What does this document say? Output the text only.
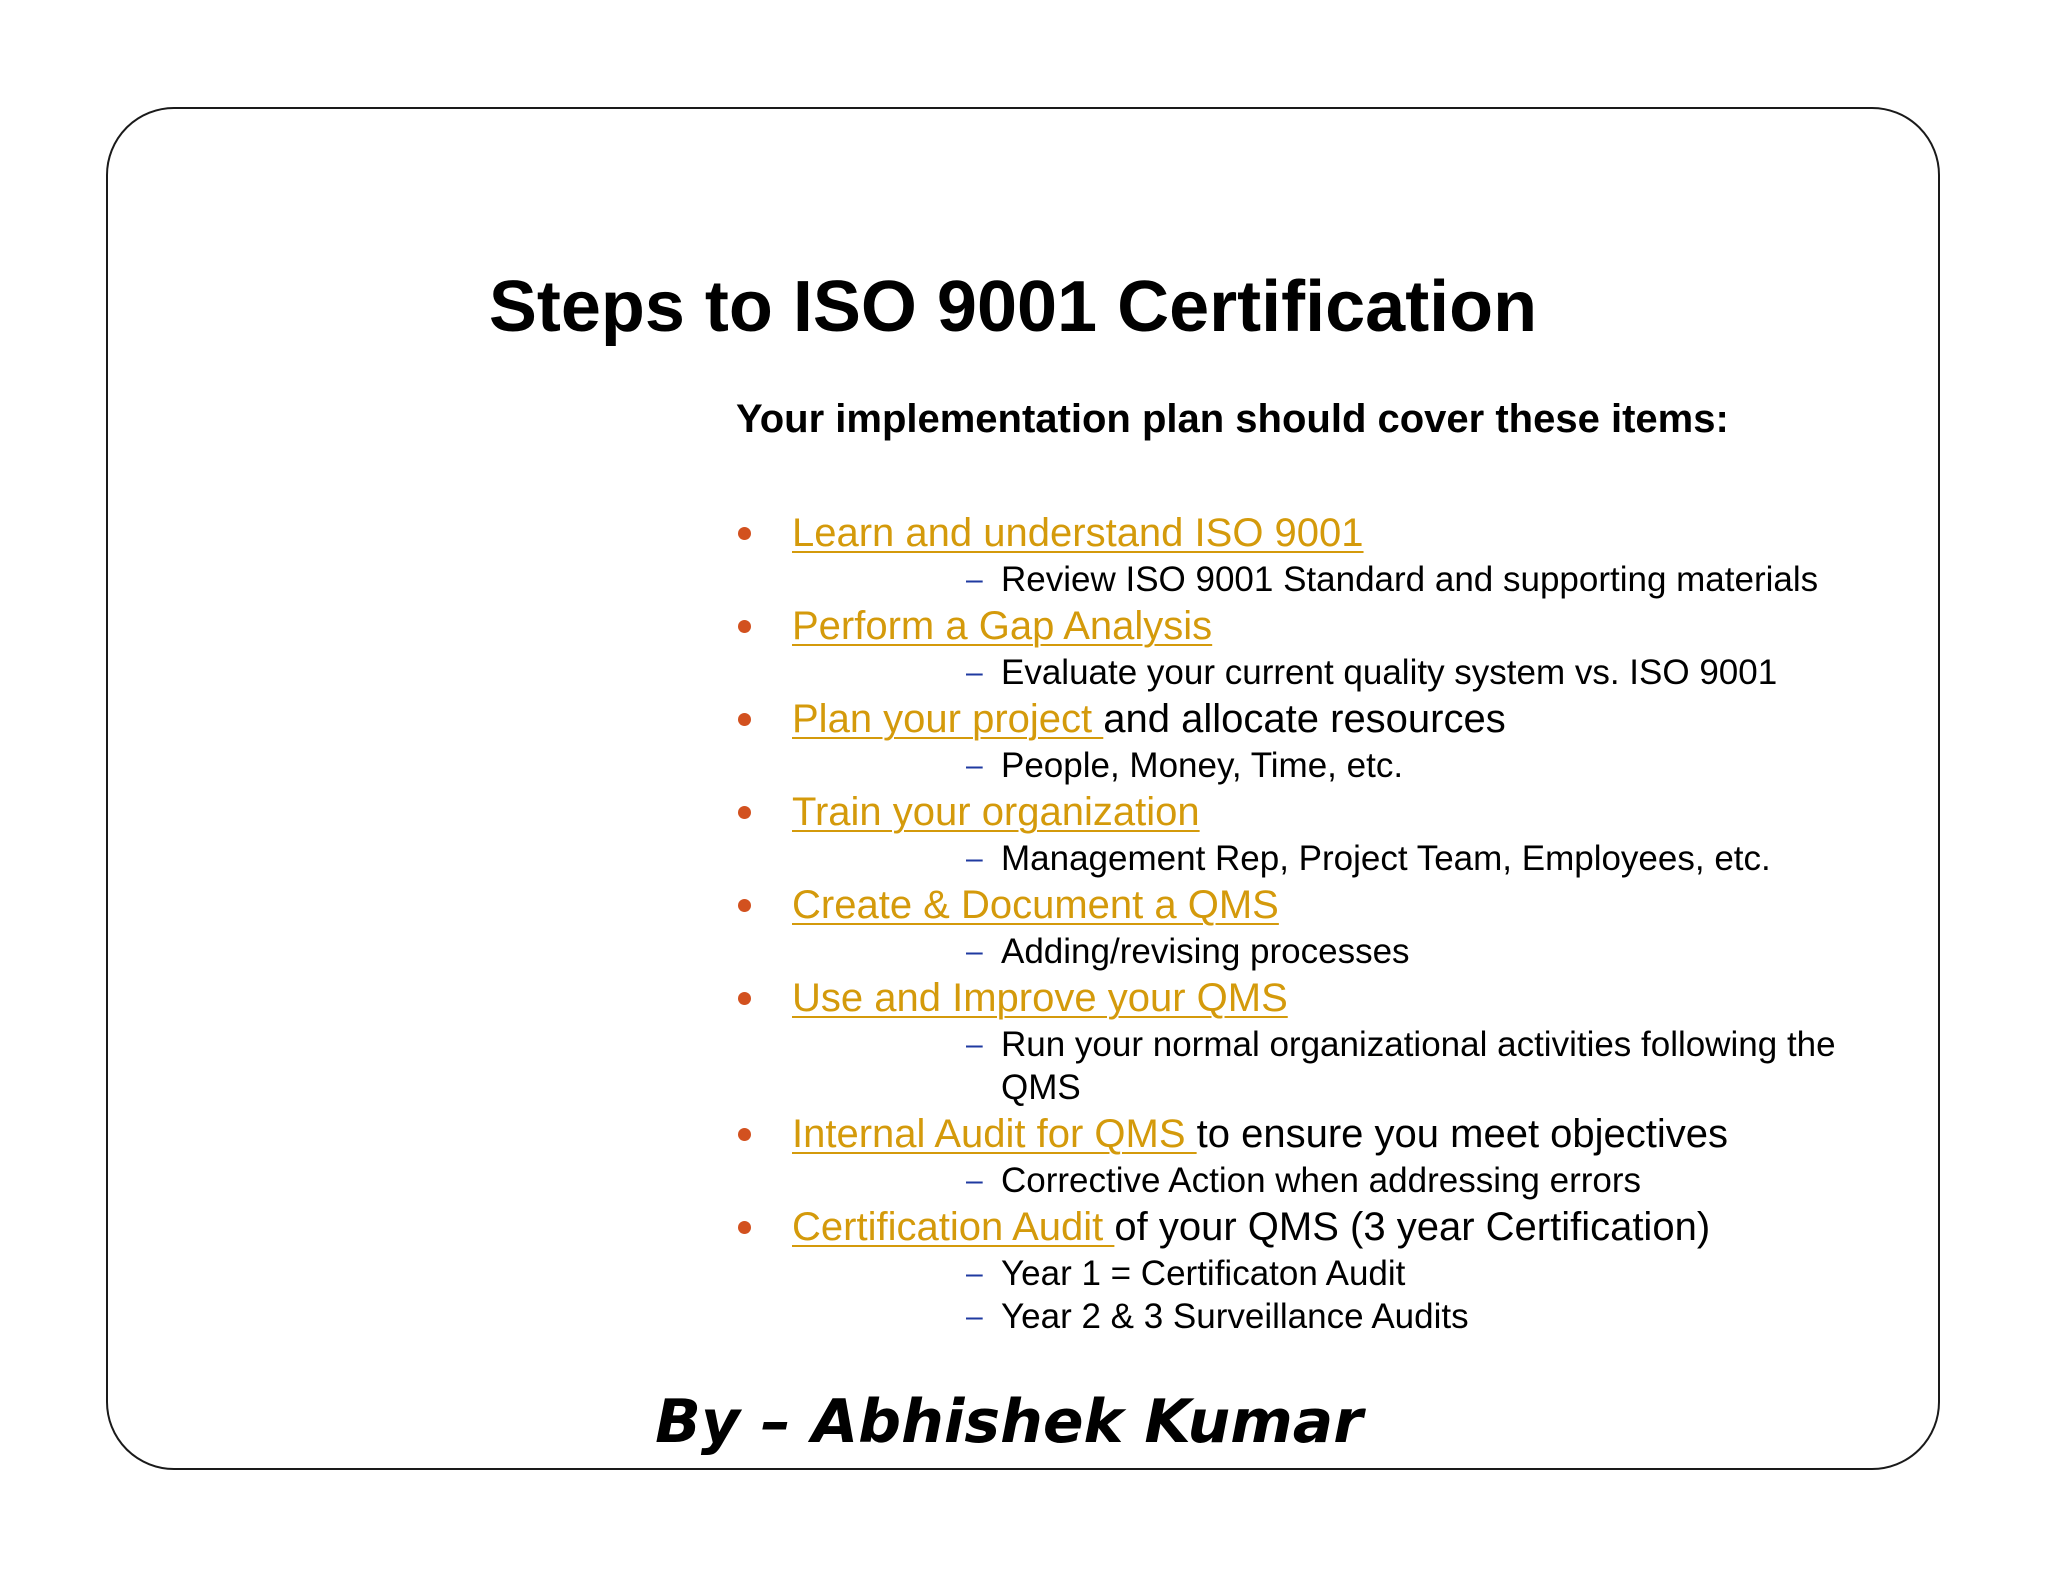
Steps to ISO 9001 Certification

Your implementation plan should cover these items:

Learn and understand ISO 9001
– Review ISO 9001 Standard and supporting materials
Perform a Gap Analysis
– Evaluate your current quality system vs. ISO 9001
Plan your project and allocate resources
– People, Money, Time, etc.
Train your organization
– Management Rep, Project Team, Employees, etc.
Create & Document a QMS
– Adding/revising processes
Use and Improve your QMS
– Run your normal organizational activities following the
QMS
Internal Audit for QMS to ensure you meet objectives
– Corrective Action when addressing errors
Certification Audit of your QMS (3 year Certification)
– Year 1 = Certificaton Audit
– Year 2 & 3 Surveillance Audits

By – Abhishek Kumar
